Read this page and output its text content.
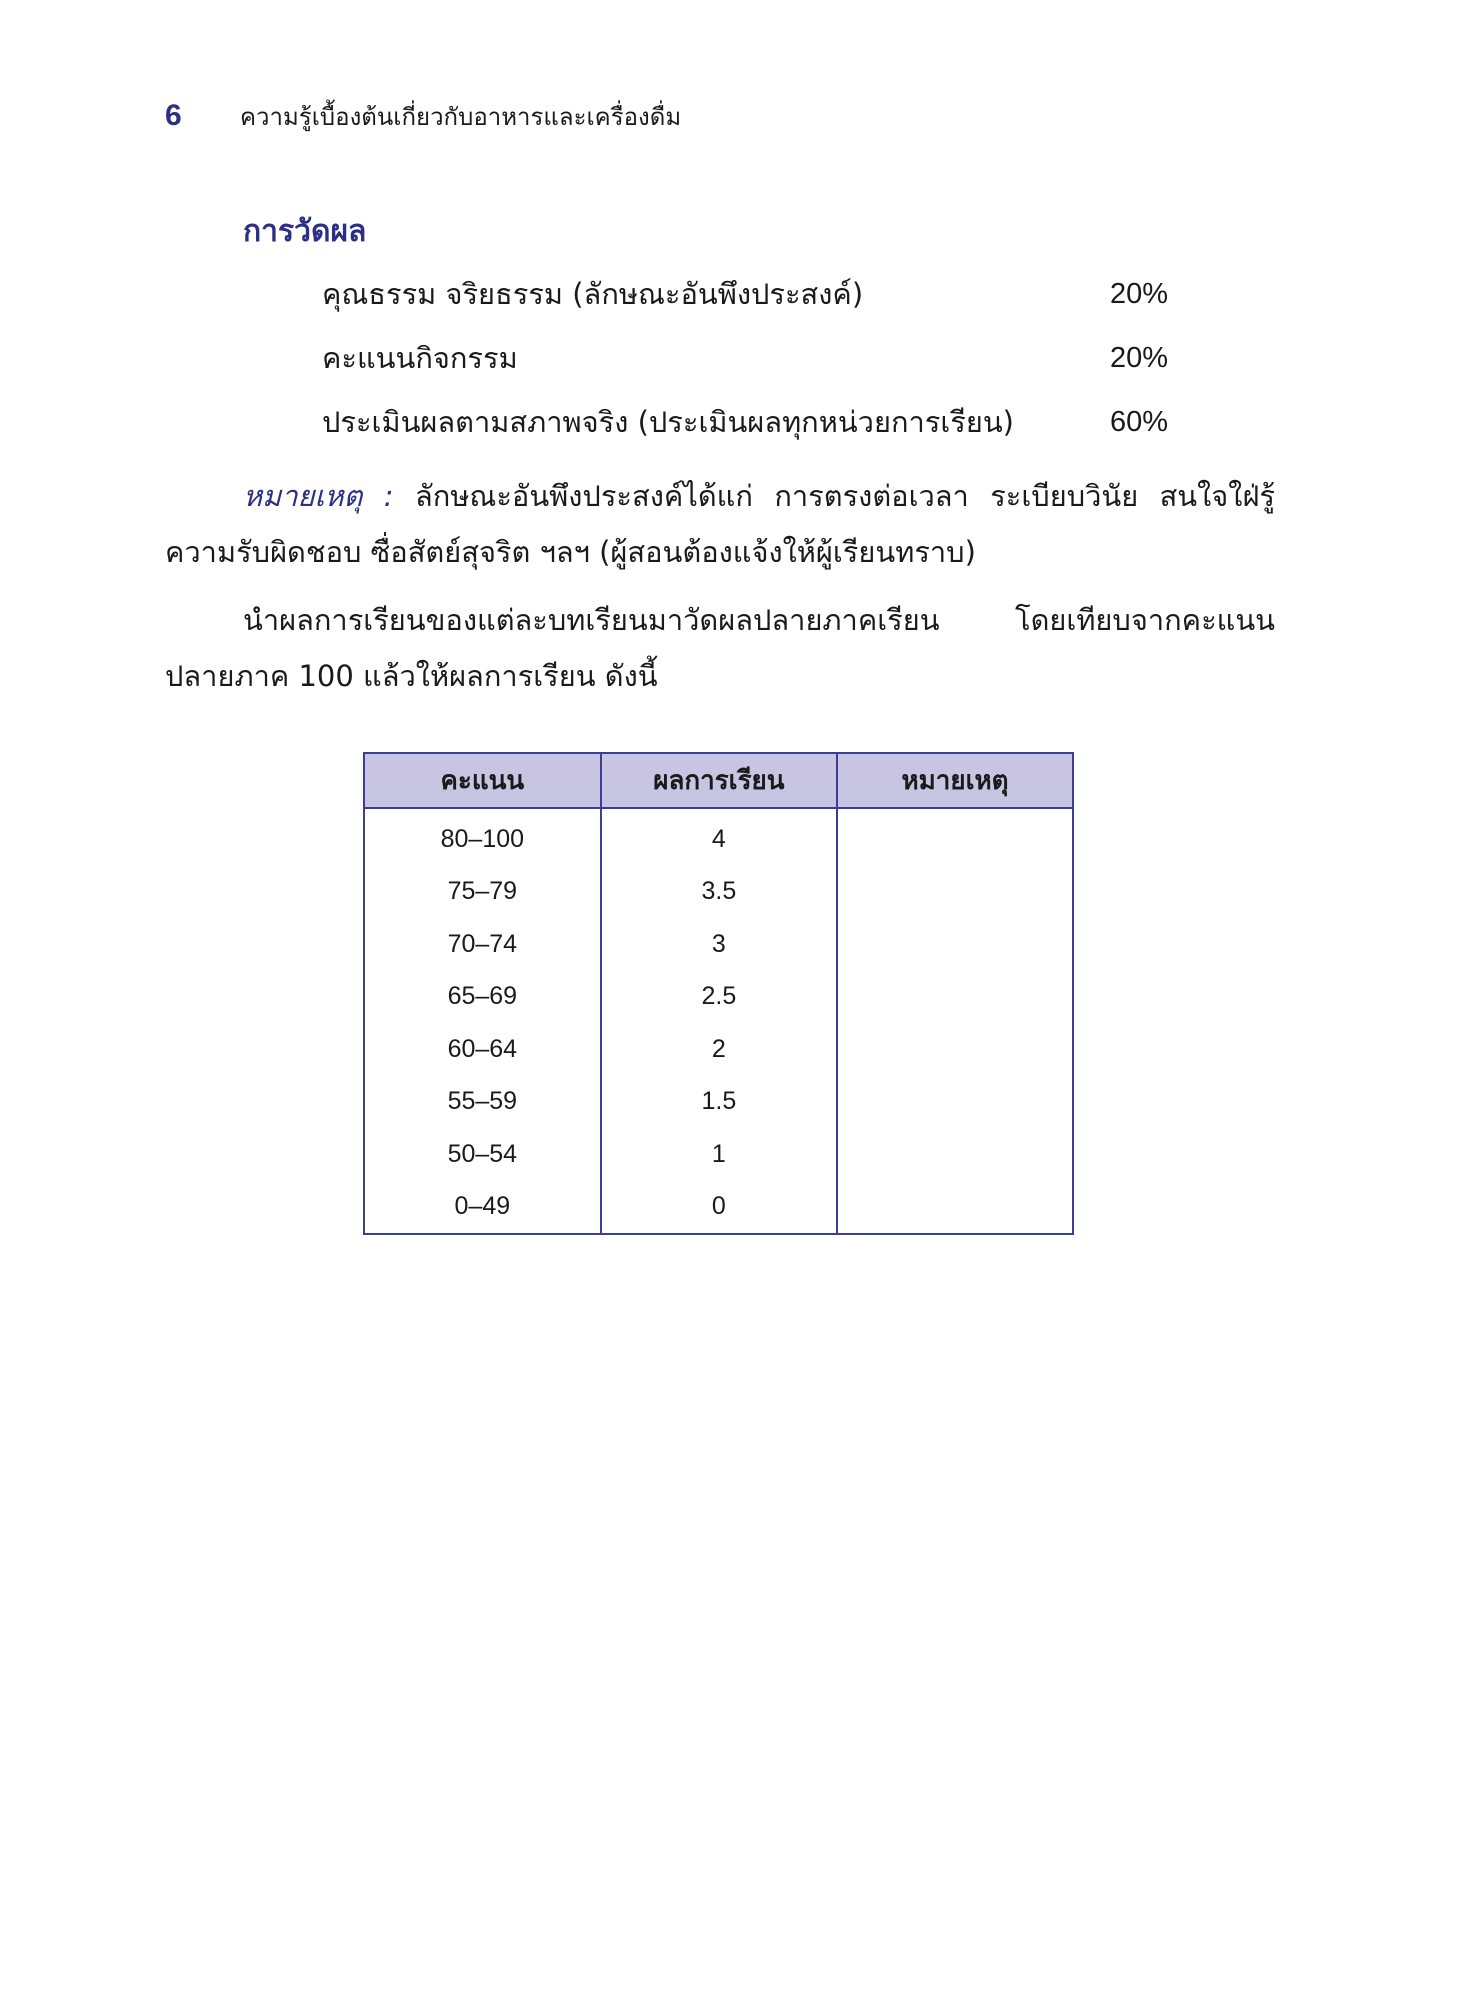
6	ความรู้เบื้องต้นเกี่ยวกับอาหารและเครื่องดื่ม
การวัดผล
คุณธรรม จริยธรรม (ลักษณะอันพึงประสงค์)	20%
คะแนนกิจกรรม	20%
ประเมินผลตามสภาพจริง (ประเมินผลทุกหน่วยการเรียน)	60%
หมายเหตุ : ลักษณะอันพึงประสงค์ได้แก่ การตรงต่อเวลา ระเบียบวินัย สนใจใฝ่รู้ ความรับผิดชอบ ซื่อสัตย์สุจริต ฯลฯ (ผู้สอนต้องแจ้งให้ผู้เรียนทราบ)
นำผลการเรียนของแต่ละบทเรียนมาวัดผลปลายภาคเรียน โดยเทียบจากคะแนนปลายภาค 100 แล้วให้ผลการเรียน ดังนี้
คะแนน	ผลการเรียน	หมายเหตุ
80–100	4	
75–79	3.5	
70–74	3	
65–69	2.5	
60–64	2	
55–59	1.5	
50–54	1	
0–49	0	
